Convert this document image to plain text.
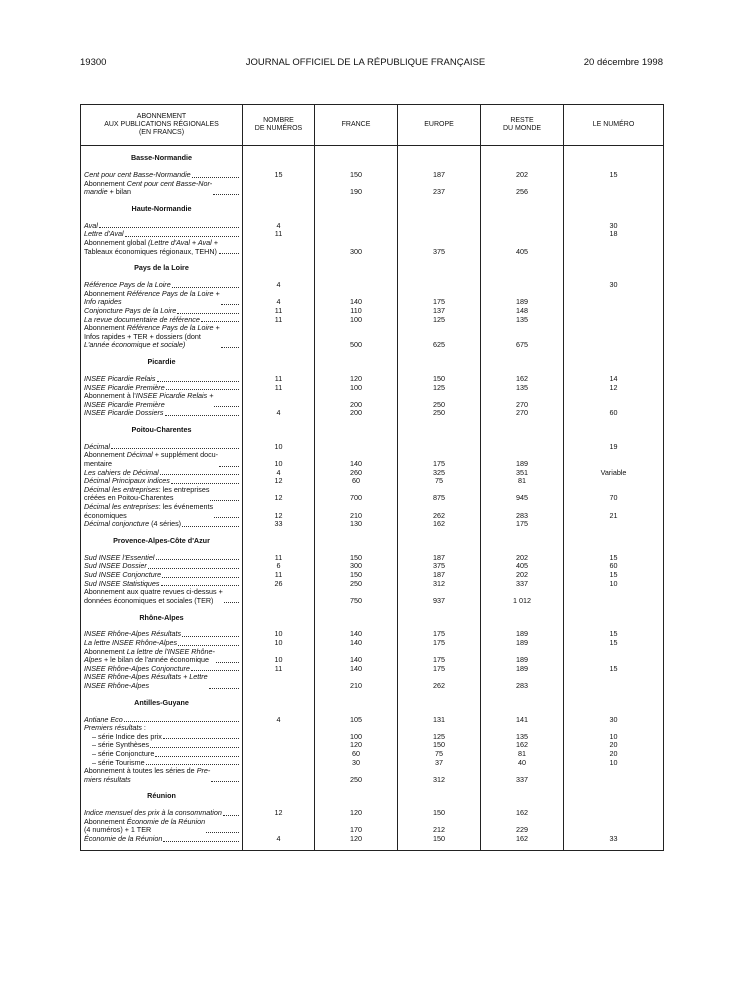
19300	JOURNAL OFFICIEL DE LA RÉPUBLIQUE FRANÇAISE	20 décembre 1998
ABONNEMENT
AUX PUBLICATIONS RÉGIONALES
(EN FRANCS)	NOMBRE
DE NUMÉROS	FRANCE	EUROPE	RESTE
DU MONDE	LE NUMÉRO

Basse-Normandie					

Cent pour cent Basse-Normandie	15	150	187	202	15

Abonnement Cent pour cent Basse-Nor-
mandie + bilan		190	237	256	

Haute-Normandie					

Aval	4				30

Lettre d'Aval	11				18

Abonnement global (Lettre d'Aval + Aval +
Tableaux économiques régionaux, TEHN)		300	375	405	

Pays de la Loire					

Référence Pays de la Loire	4				30

Abonnement Référence Pays de la Loire +
Info rapides	4	140	175	189	

Conjoncture Pays de la Loire	11	110	137	148	

La revue documentaire de référence	11	100	125	135	

Abonnement Référence Pays de la Loire +
Infos rapides + TER + dossiers (dont
L'année économique et sociale)		500	625	675	

Picardie					

INSEE Picardie Relais	11	120	150	162	14

INSEE Picardie Première	11	100	125	135	12

Abonnement à l'INSEE Picardie Relais +
INSEE Picardie Première		200	250	270	

INSEE Picardie Dossiers	4	200	250	270	60

Poitou-Charentes					

Décimal	10				19

Abonnement Décimal + supplément docu-
mentaire	10	140	175	189	

Les cahiers de Décimal	4	260	325	351	Variable

Décimal Principaux indices	12	60	75	81	

Décimal les entreprises: les entreprises
créées en Poitou-Charentes	12	700	875	945	70

Décimal les entreprises: les événements
économiques	12	210	262	283	21

Décimal conjoncture (4 séries)	33	130	162	175	

Provence-Alpes-Côte d'Azur					

Sud INSEE l'Essentiel	11	150	187	202	15

Sud INSEE Dossier	6	300	375	405	60

Sud INSEE Conjoncture	11	150	187	202	15

Sud INSEE Statistiques	26	250	312	337	10

Abonnement aux quatre revues ci-dessus +
données économiques et sociales (TER)		750	937	1 012	

Rhône-Alpes					

INSEE Rhône-Alpes Résultats	10	140	175	189	15

La lettre INSEE Rhône-Alpes	10	140	175	189	15

Abonnement La lettre de l'INSEE Rhône-
Alpes + le bilan de l'année économique	10	140	175	189	

INSEE Rhône-Alpes Conjoncture	11	140	175	189	15

INSEE Rhône-Alpes Résultats + Lettre
INSEE Rhône-Alpes		210	262	283	

Antilles-Guyane					

Antiane Eco	4	105	131	141	30

Premiers résultats :					

– série Indice des prix		100	125	135	10

– série Synthèses		120	150	162	20

– série Conjoncture		60	75	81	20

– série Tourisme		30	37	40	10

Abonnement à toutes les séries de Pre-
miers résultats		250	312	337	

Réunion					

Indice mensuel des prix à la consommation	12	120	150	162	

Abonnement Économie de la Réunion
(4 numéros) + 1 TER		170	212	229	

Économie de la Réunion	4	120	150	162	33
